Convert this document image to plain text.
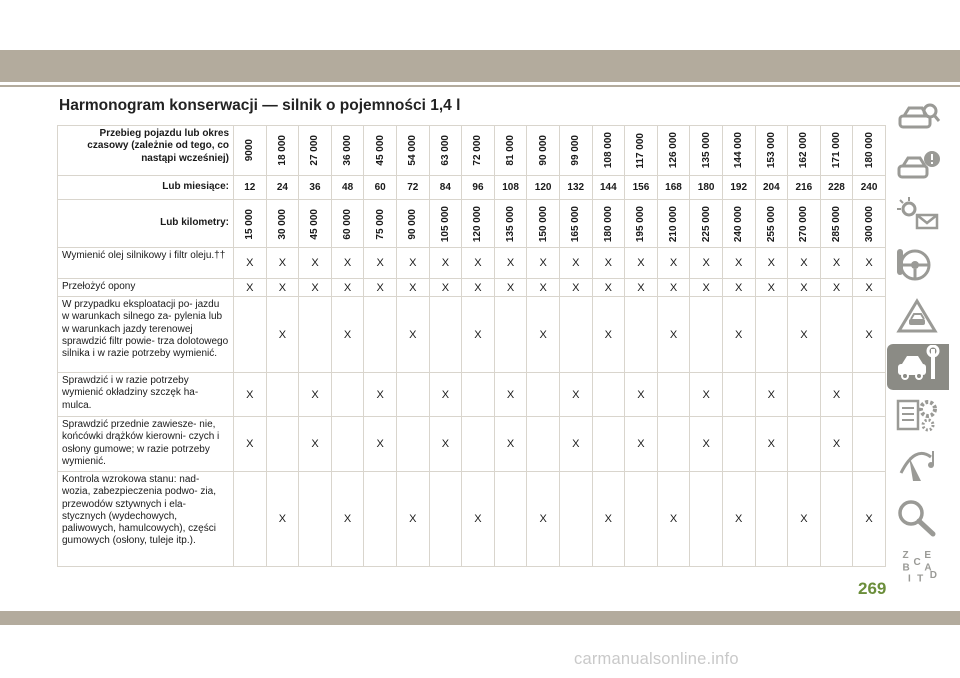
Harmonogram konserwacji — silnik o pojemności 1,4 l
Przebieg pojazdu lub okres czasowy (zależnie od tego, co nastąpi wcześniej)	9000	18 000	27 000	36 000	45 000	54 000	63 000	72 000	81 000	90 000	99 000	108 000	117 000	126 000	135 000	144 000	153 000	162 000	171 000	180 000

Lub miesiące:	12	24	36	48	60	72	84	96	108	120	132	144	156	168	180	192	204	216	228	240
Lub kilometry:	15 000	30 000	45 000	60 000	75 000	90 000	105 000	120 000	135 000	150 000	165 000	180 000	195 000	210 000	225 000	240 000	255 000	270 000	285 000	300 000

Wymienić olej silnikowy i filtr oleju.††	X	X	X	X	X	X	X	X	X	X	X	X	X	X	X	X	X	X	X	X
Przełożyć opony	X	X	X	X	X	X	X	X	X	X	X	X	X	X	X	X	X	X	X	X
W przypadku eksploatacji po- jazdu w warunkach silnego za- pylenia lub w warunkach jazdy terenowej sprawdzić filtr powie- trza dolotowego silnika i w razie potrzeby wymienić.		X		X		X		X		X		X		X		X		X		X
Sprawdzić i w razie potrzeby wymienić okładziny szczęk ha- mulca.	X		X		X		X		X		X		X		X		X		X	
Sprawdzić przednie zawiesze- nie, końcówki drążków kierowni- czych i osłony gumowe; w razie potrzeby wymienić.	X		X		X		X		X		X		X		X		X		X	
Kontrola wzrokowa stanu: nad- wozia, zabezpieczenia podwo- zia, przewodów sztywnych i ela- stycznych (wydechowych, paliwowych, hamulcowych), części gumowych (osłony, tuleje itp.).		X		X		X		X		X		X		X		X		X		X
Z E
B A
C
D
I T
269
carmanualsonline.info
